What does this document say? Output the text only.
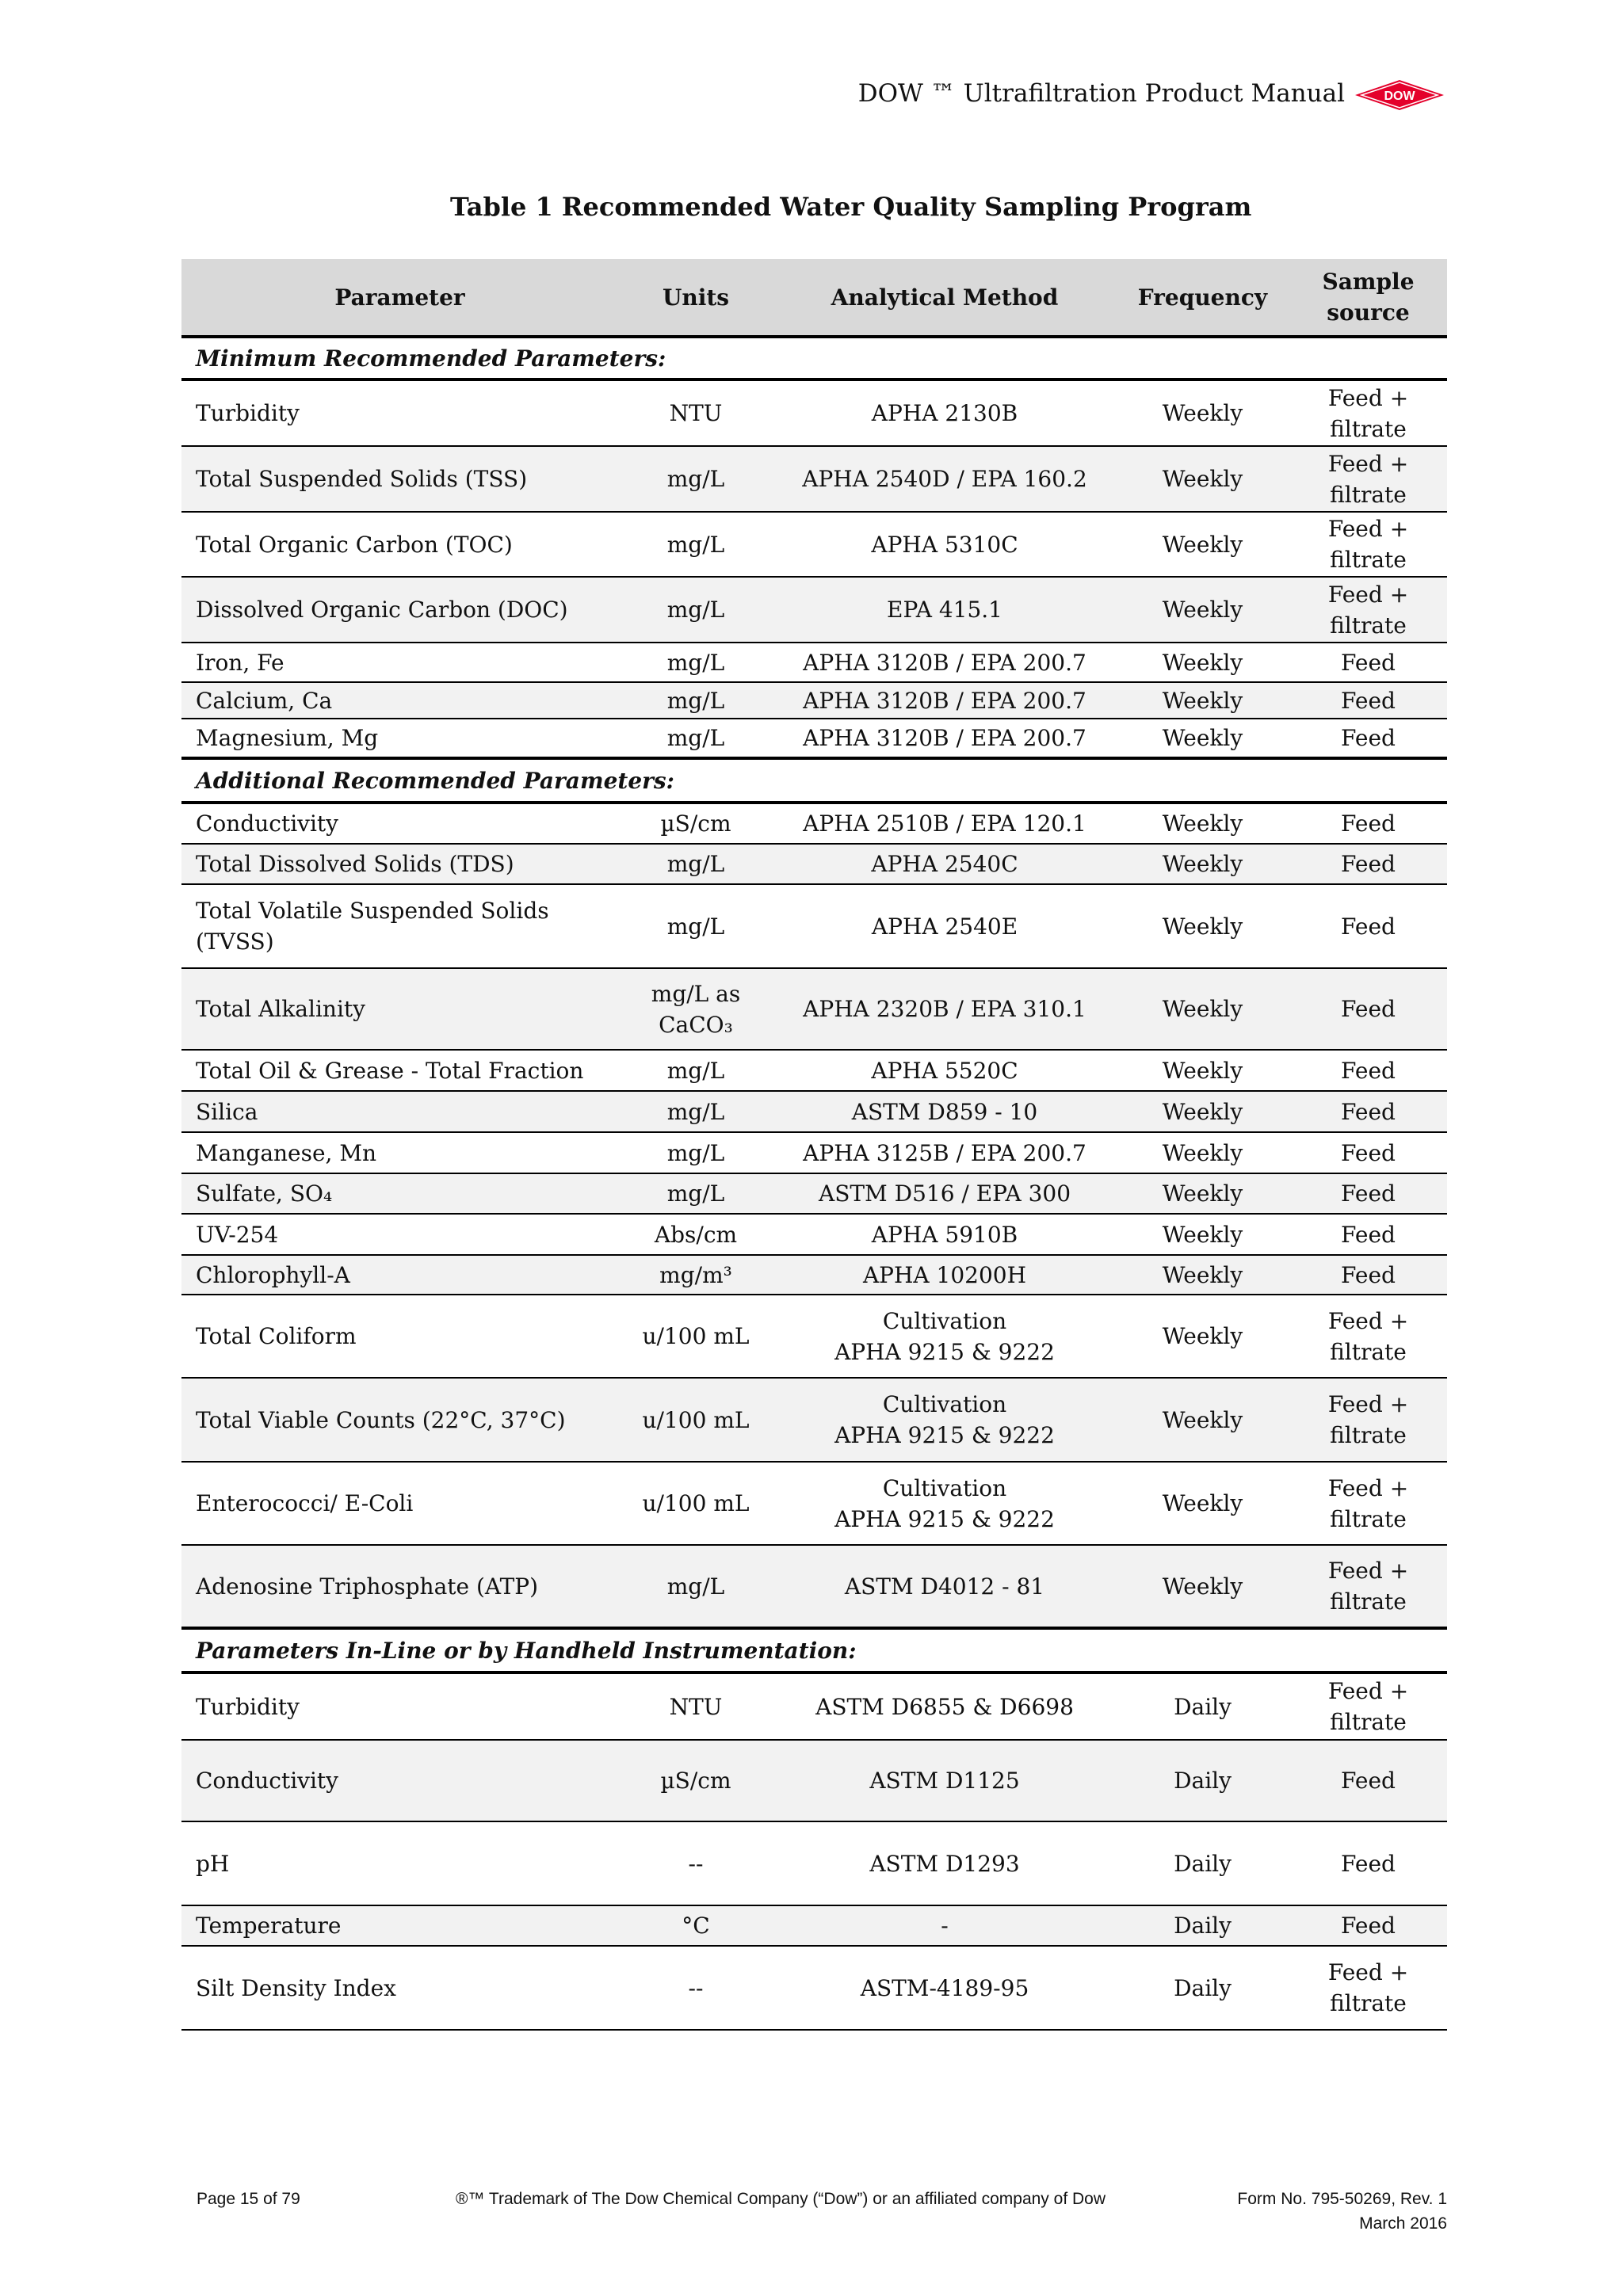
DOW ™ Ultrafiltration Product Manual	DOW
Table 1 Recommended Water Quality Sampling Program
Parameter	Units	Analytical Method	Frequency	Sample
source
Minimum Recommended Parameters:				
Turbidity	NTU	APHA 2130B	Weekly	Feed +
filtrate
Total Suspended Solids (TSS)	mg/L	APHA 2540D / EPA 160.2	Weekly	Feed +
filtrate
Total Organic Carbon (TOC)	mg/L	APHA 5310C	Weekly	Feed +
filtrate
Dissolved Organic Carbon (DOC)	mg/L	EPA 415.1	Weekly	Feed +
filtrate
Iron, Fe	mg/L	APHA 3120B / EPA 200.7	Weekly	Feed
Calcium, Ca	mg/L	APHA 3120B / EPA 200.7	Weekly	Feed
Magnesium, Mg	mg/L	APHA 3120B / EPA 200.7	Weekly	Feed
Additional Recommended Parameters:				
Conductivity	µS/cm	APHA 2510B / EPA 120.1	Weekly	Feed
Total Dissolved Solids (TDS)	mg/L	APHA 2540C	Weekly	Feed
Total Volatile Suspended Solids
(TVSS)	mg/L	APHA 2540E	Weekly	Feed
Total Alkalinity	mg/L as
CaCO₃	APHA 2320B / EPA 310.1	Weekly	Feed
Total Oil & Grease - Total Fraction	mg/L	APHA 5520C	Weekly	Feed
Silica	mg/L	ASTM D859 - 10	Weekly	Feed
Manganese, Mn	mg/L	APHA 3125B / EPA 200.7	Weekly	Feed
Sulfate, SO₄	mg/L	ASTM D516 / EPA 300	Weekly	Feed
UV-254	Abs/cm	APHA 5910B	Weekly	Feed
Chlorophyll-A	mg/m³	APHA 10200H	Weekly	Feed
Total Coliform	u/100 mL	Cultivation
APHA 9215 & 9222	Weekly	Feed +
filtrate
Total Viable Counts (22°C, 37°C)	u/100 mL	Cultivation
APHA 9215 & 9222	Weekly	Feed +
filtrate
Enterococci/ E-Coli	u/100 mL	Cultivation
APHA 9215 & 9222	Weekly	Feed +
filtrate
Adenosine Triphosphate (ATP)	mg/L	ASTM D4012 - 81	Weekly	Feed +
filtrate
Parameters In-Line or by Handheld Instrumentation:				
Turbidity	NTU	ASTM D6855 & D6698	Daily	Feed +
filtrate
Conductivity	µS/cm	ASTM D1125	Daily	Feed
pH	--	ASTM D1293	Daily	Feed
Temperature	°C	-	Daily	Feed
Silt Density Index	--	ASTM-4189-95	Daily	Feed +
filtrate
Page 15 of 79	®™ Trademark of The Dow Chemical Company (“Dow”) or an affiliated company of Dow	Form No. 795-50269, Rev. 1
March 2016
